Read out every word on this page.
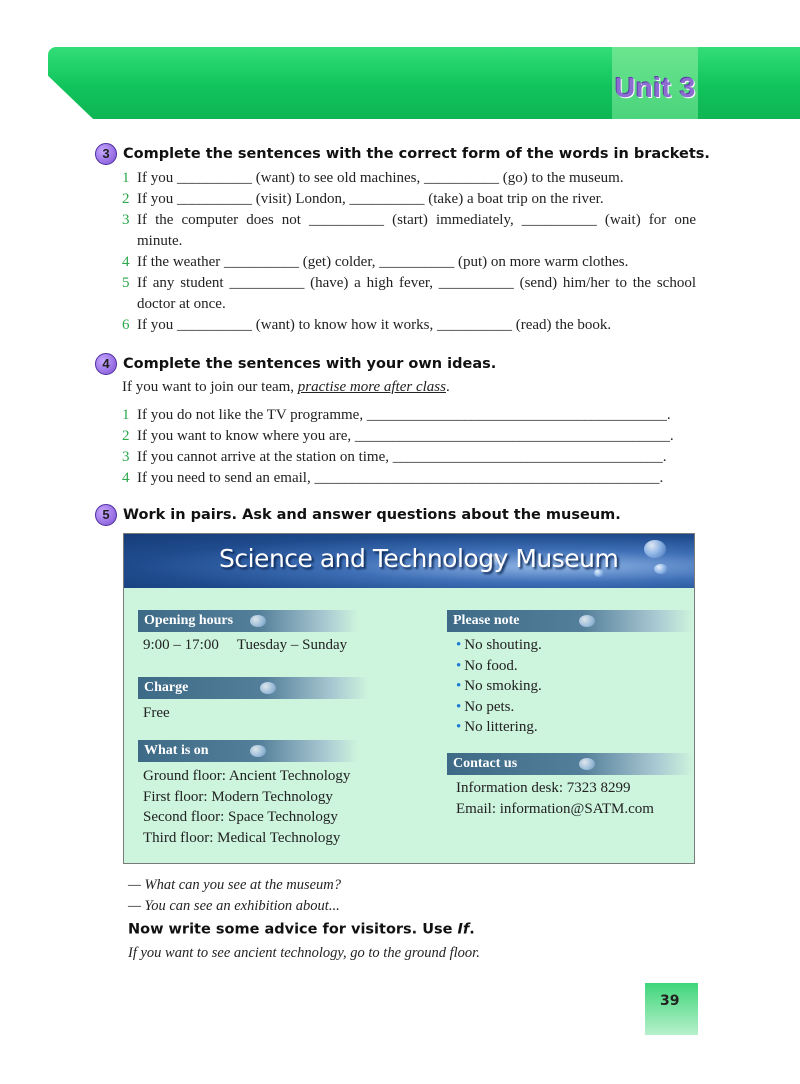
Unit 3
3 Complete the sentences with the correct form of the words in brackets.
1 If you __________ (want) to see old machines, __________ (go) to the museum.
2 If you __________ (visit) London, __________ (take) a boat trip on the river.
3 If the computer does not __________ (start) immediately, __________ (wait) for one minute.
4 If the weather __________ (get) colder, __________ (put) on more warm clothes.
5 If any student __________ (have) a high fever, __________ (send) him/her to the school doctor at once.
6 If you __________ (want) to know how it works, __________ (read) the book.
4 Complete the sentences with your own ideas.
If you want to join our team, practise more after class.
1 If you do not like the TV programme, ________________________________________.
2 If you want to know where you are, __________________________________________.
3 If you cannot arrive at the station on time, ____________________________________.
4 If you need to send an email, ______________________________________________.
5 Work in pairs. Ask and answer questions about the museum.
Science and Technology Museum
Opening hours
9:00 – 17:00 Tuesday – Sunday
Charge
Free
What is on
Ground floor: Ancient Technology
First floor: Modern Technology
Second floor: Space Technology
Third floor: Medical Technology
Please note
• No shouting.
• No food.
• No smoking.
• No pets.
• No littering.
Contact us
Information desk: 7323 8299
Email: information@SATM.com
— What can you see at the museum?
— You can see an exhibition about...
Now write some advice for visitors. Use If.
If you want to see ancient technology, go to the ground floor.
39
